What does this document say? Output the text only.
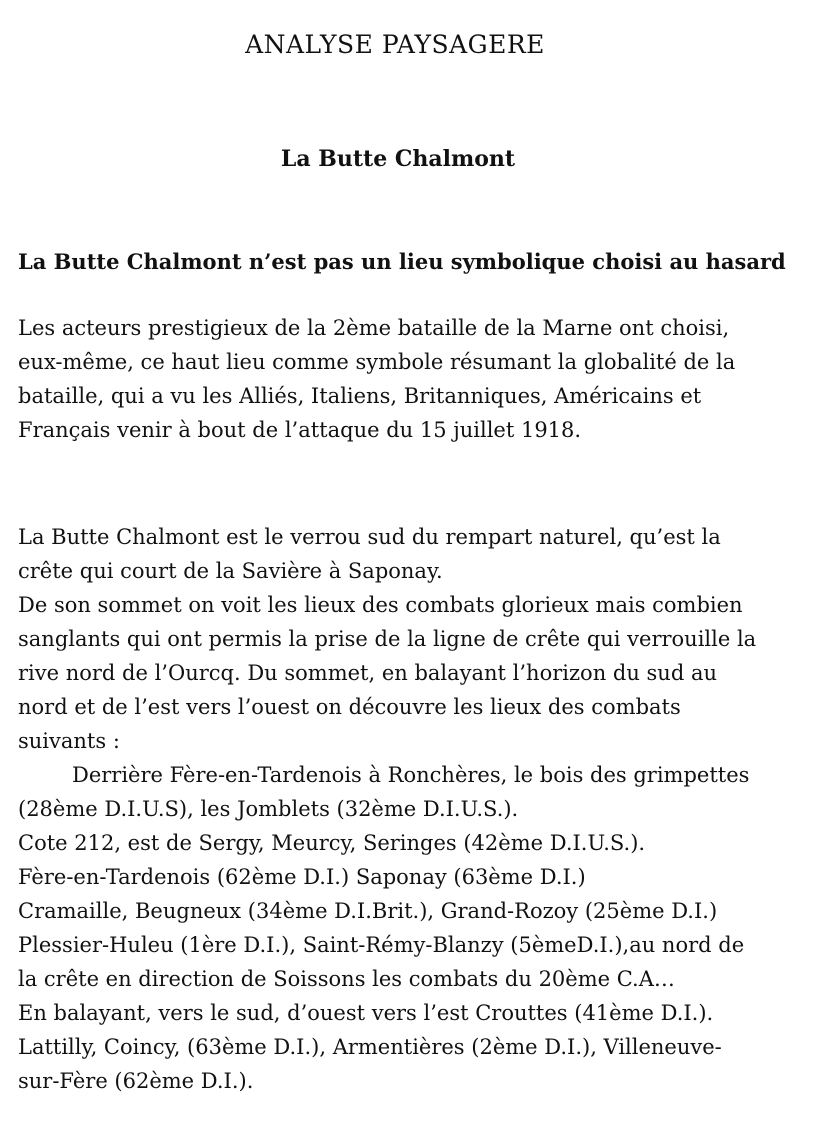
ANALYSE PAYSAGERE
La Butte Chalmont
La Butte Chalmont n’est pas un lieu symbolique choisi au hasard
Les acteurs prestigieux de la 2ème bataille de la Marne ont choisi,
eux-même, ce haut lieu comme symbole résumant la globalité de la
bataille, qui a vu les Alliés, Italiens, Britanniques, Américains et
Français venir à bout de l’attaque du 15 juillet 1918.
La Butte Chalmont est le verrou sud du rempart naturel, qu’est la
crête qui court de la Savière à Saponay.
De son sommet on voit les lieux des combats glorieux mais combien
sanglants qui ont permis la prise de la ligne de crête qui verrouille la
rive nord de l’Ourcq. Du sommet, en balayant l’horizon du sud au
nord et de l’est vers l’ouest on découvre les lieux des combats
suivants :
Derrière Fère-en-Tardenois à Ronchères, le bois des grimpettes
(28ème D.I.U.S), les Jomblets (32ème D.I.U.S.).
Cote 212, est de Sergy, Meurcy, Seringes (42ème D.I.U.S.).
Fère-en-Tardenois (62ème D.I.) Saponay (63ème D.I.)
Cramaille, Beugneux (34ème D.I.Brit.), Grand-Rozoy (25ème D.I.)
Plessier-Huleu (1ère D.I.), Saint-Rémy-Blanzy (5èmeD.I.),au nord de
la crête en direction de Soissons les combats du 20ème C.A…
En balayant, vers le sud, d’ouest vers l’est Crouttes (41ème D.I.).
Lattilly, Coincy, (63ème D.I.), Armentières (2ème D.I.), Villeneuve-
sur-Fère (62ème D.I.).
